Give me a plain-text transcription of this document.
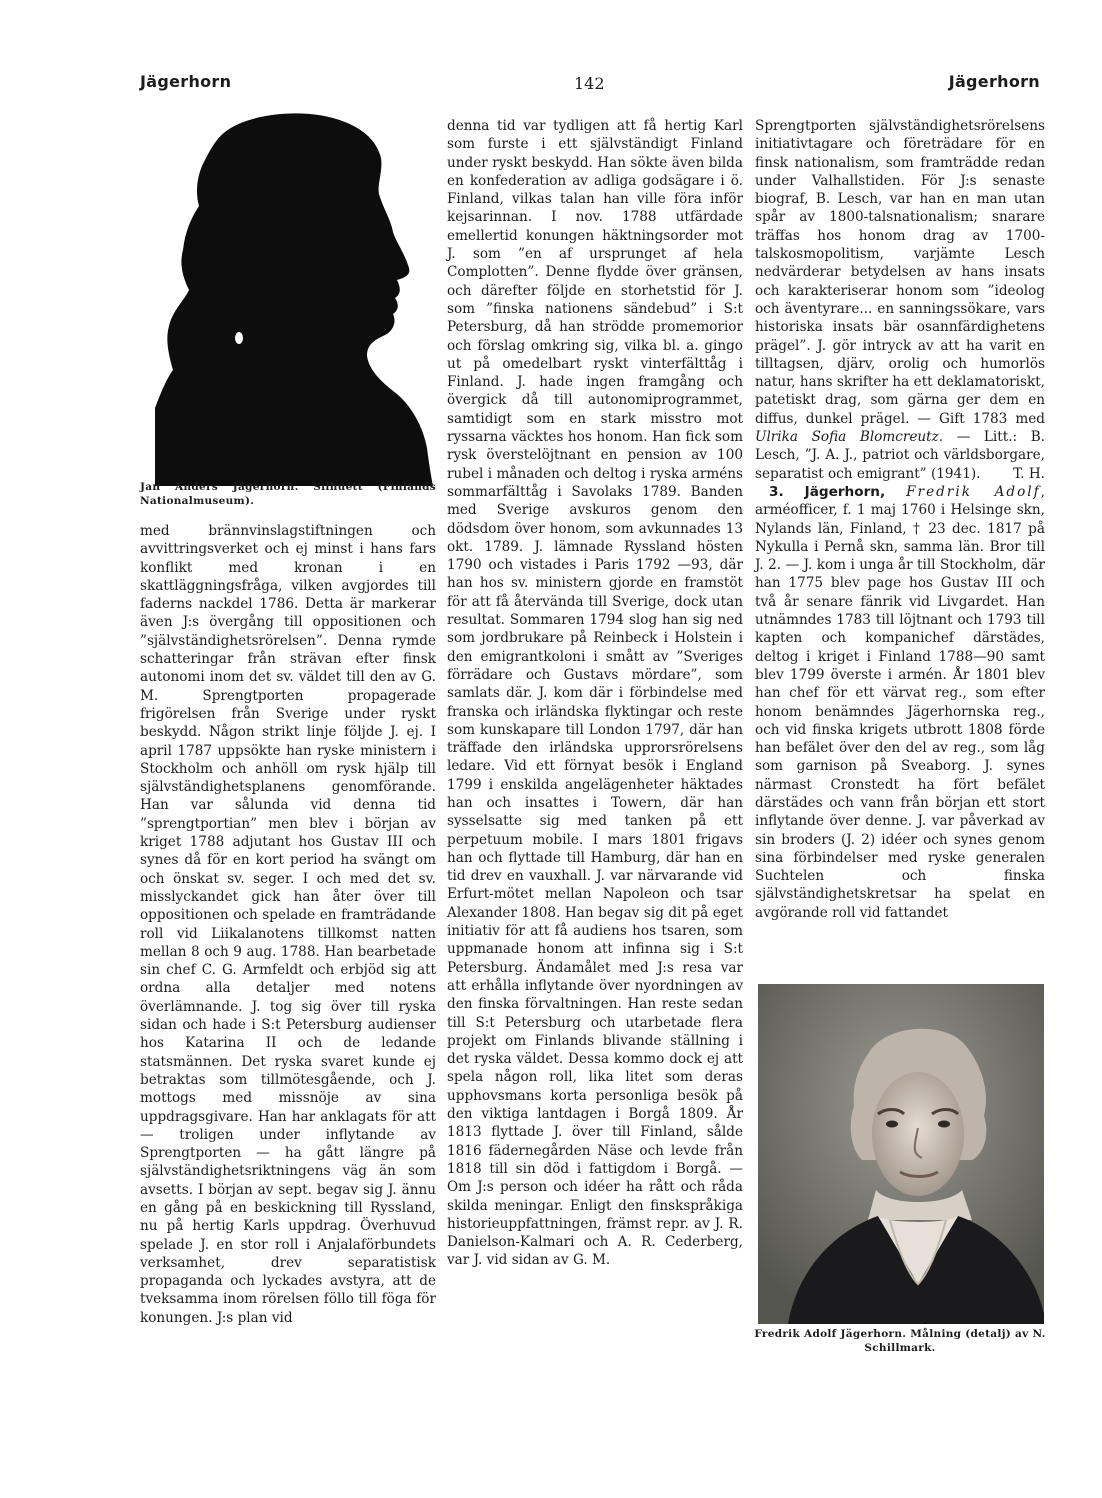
Jägerhorn	142	Jägerhorn
Jan Anders Jägerhorn. Silhuett (Finlands Nationalmuseum).

med brännvinslagstiftningen och avvittringsverket och ej minst i hans fars konflikt med kronan i en skattläggningsfråga, vilken avgjordes till faderns nackdel 1786. Detta är markerar även J:s övergång till oppositionen och ”självständighetsrörelsen”. Denna rymde schatteringar från strävan efter finsk autonomi inom det sv. väldet till den av G. M. Sprengtporten propagerade frigörelsen från Sverige under ryskt beskydd. Någon strikt linje följde J. ej. I april 1787 uppsökte han ryske ministern i Stockholm och anhöll om rysk hjälp till självständighetsplanens genomförande. Han var sålunda vid denna tid ”sprengtportian” men blev i början av kriget 1788 adjutant hos Gustav III och synes då för en kort period ha svängt om och önskat sv. seger. I och med det sv. misslyckandet gick han åter över till oppositionen och spelade en framträdande roll vid Liikalanotens tillkomst natten mellan 8 och 9 aug. 1788. Han bearbetade sin chef C. G. Armfeldt och erbjöd sig att ordna alla detaljer med notens överlämnande. J. tog sig över till ryska sidan och hade i S:t Petersburg audienser hos Katarina II och de ledande statsmännen. Det ryska svaret kunde ej betraktas som tillmötesgående, och J. mottogs med missnöje av sina uppdragsgivare. Han har anklagats för att — troligen under inflytande av Sprengtporten — ha gått längre på självständighetsriktningens väg än som avsetts. I början av sept. begav sig J. ännu en gång på en beskickning till Ryssland, nu på hertig Karls uppdrag. Överhuvud spelade J. en stor roll i Anjalaförbundets verksamhet, drev separatistisk propaganda och lyckades avstyra, att de tveksamma inom rörelsen föllo till föga för konungen. J:s plan vid

denna tid var tydligen att få hertig Karl som furste i ett självständigt Finland under ryskt beskydd. Han sökte även bilda en konfederation av adliga godsägare i ö. Finland, vilkas talan han ville föra inför kejsarinnan. I nov. 1788 utfärdade emellertid konungen häktningsorder mot J. som ”en af ursprunget af hela Complotten”. Denne flydde över gränsen, och därefter följde en storhetstid för J. som ”finska nationens sändebud” i S:t Petersburg, då han strödde promemorior och förslag omkring sig, vilka bl. a. gingo ut på omedelbart ryskt vinterfälttåg i Finland. J. hade ingen framgång och övergick då till autonomiprogrammet, samtidigt som en stark misstro mot ryssarna väcktes hos honom. Han fick som rysk överstelöjtnant en pension av 100 rubel i månaden och deltog i ryska arméns sommarfälttåg i Savolaks 1789. Banden med Sverige avskuros genom den dödsdom över honom, som avkunnades 13 okt. 1789. J. lämnade Ryssland hösten 1790 och vistades i Paris 1792 —93, där han hos sv. ministern gjorde en framstöt för att få återvända till Sverige, dock utan resultat. Sommaren 1794 slog han sig ned som jordbrukare på Reinbeck i Holstein i den emigrantkoloni i smått av ”Sveriges förrädare och Gustavs mördare”, som samlats där. J. kom där i förbindelse med franska och irländska flyktingar och reste som kunskapare till London 1797, där han träffade den irländska upprorsrörelsens ledare. Vid ett förnyat besök i England 1799 i enskilda angelägenheter häktades han och insattes i Towern, där han sysselsatte sig med tanken på ett perpetuum mobile. I mars 1801 frigavs han och flyttade till Hamburg, där han en tid drev en vauxhall. J. var närvarande vid Erfurt-mötet mellan Napoleon och tsar Alexander 1808. Han begav sig dit på eget initiativ för att få audiens hos tsaren, som uppmanade honom att infinna sig i S:t Petersburg. Ändamålet med J:s resa var att erhålla inflytande över nyordningen av den finska förvaltningen. Han reste sedan till S:t Petersburg och utarbetade flera projekt om Finlands blivande ställning i det ryska väldet. Dessa kommo dock ej att spela någon roll, lika litet som deras upphovsmans korta personliga besök på den viktiga lantdagen i Borgå 1809. År 1813 flyttade J. över till Finland, sålde 1816 fädernegården Näse och levde från 1818 till sin död i fattigdom i Borgå. — Om J:s person och idéer ha rått och råda skilda meningar. Enligt den finskspråkiga historieuppfattningen, främst repr. av J. R. Danielson-Kalmari och A. R. Cederberg, var J. vid sidan av G. M.

Sprengtporten självständighetsrörelsens initiativtagare och företrädare för en finsk nationalism, som framträdde redan under Valhallstiden. För J:s senaste biograf, B. Lesch, var han en man utan spår av 1800-talsnationalism; snarare träffas hos honom drag av 1700-talskosmopolitism, varjämte Lesch nedvärderar betydelsen av hans insats och karakteriserar honom som ”ideolog och äventyrare... en sanningssökare, vars historiska insats bär osannfärdighetens prägel”. J. gör intryck av att ha varit en tilltagsen, djärv, orolig och humorlös natur, hans skrifter ha ett deklamatoriskt, patetiskt drag, som gärna ger dem en diffus, dunkel prägel. — Gift 1783 med Ulrika Sofia Blomcreutz. — Litt.: B. Lesch, ”J. A. J., patriot och världsborgare, separatist och emigrant” (1941). T. H.

3. Jägerhorn, Fredrik Adolf, arméofficer, f. 1 maj 1760 i Helsinge skn, Nylands län, Finland, † 23 dec. 1817 på Nykulla i Pernå skn, samma län. Bror till J. 2. — J. kom i unga år till Stockholm, där han 1775 blev page hos Gustav III och två år senare fänrik vid Livgardet. Han utnämndes 1783 till löjtnant och 1793 till kapten och kompanichef därstädes, deltog i kriget i Finland 1788—90 samt blev 1799 överste i armén. År 1801 blev han chef för ett värvat reg., som efter honom benämndes Jägerhornska reg., och vid finska krigets utbrott 1808 förde han befälet över den del av reg., som låg som garnison på Sveaborg. J. synes närmast Cronstedt ha fört befälet därstädes och vann från början ett stort inflytande över denne. J. var påverkad av sin broders (J. 2) idéer och synes genom sina förbindelser med ryske generalen Suchtelen och finska självständighetskretsar ha spelat en avgörande roll vid fattandet

Fredrik Adolf Jägerhorn. Målning (detalj) av N. Schillmark.
